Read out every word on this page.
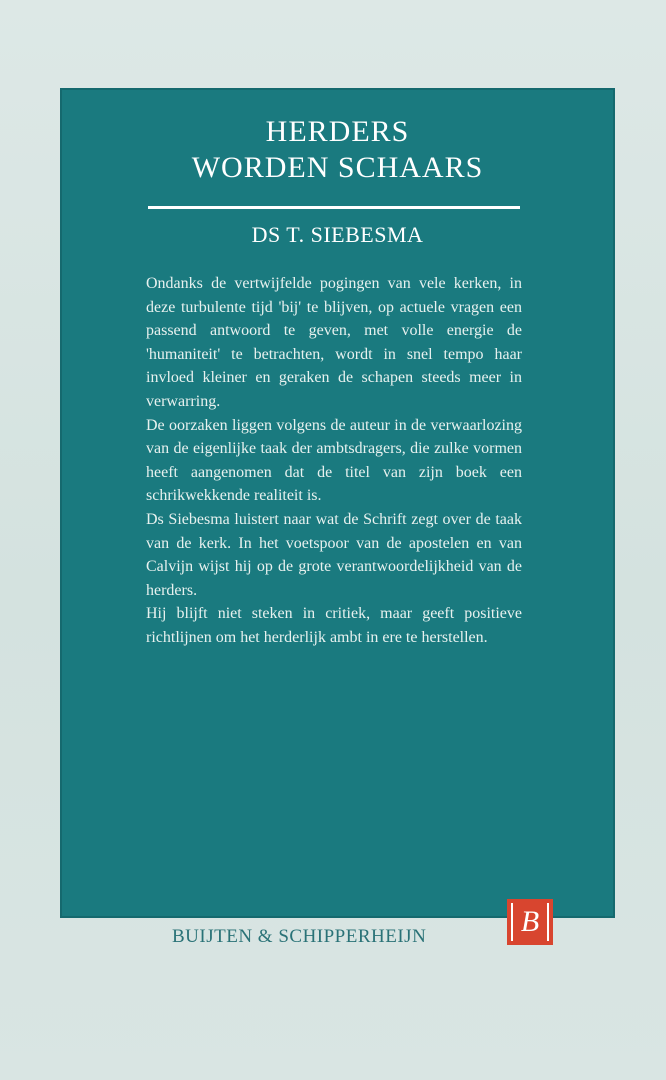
HERDERS
WORDEN SCHAARS
DS T. SIEBESMA

Ondanks de vertwijfelde pogingen van vele kerken, in deze turbulente tijd 'bij' te blijven, op actuele vragen een passend antwoord te geven, met volle energie de 'humaniteit' te betrachten, wordt in snel tempo haar invloed kleiner en geraken de schapen steeds meer in verwarring.

De oorzaken liggen volgens de auteur in de verwaarlozing van de eigenlijke taak der ambtsdragers, die zulke vormen heeft aangenomen dat de titel van zijn boek een schrikwekkende realiteit is.

Ds Siebesma luistert naar wat de Schrift zegt over de taak van de kerk. In het voetspoor van de apostelen en van Calvijn wijst hij op de grote verantwoordelijkheid van de herders.

Hij blijft niet steken in critiek, maar geeft positieve richtlijnen om het herderlijk ambt in ere te herstellen.

BUIJTEN & SCHIPPERHEIJN	B
